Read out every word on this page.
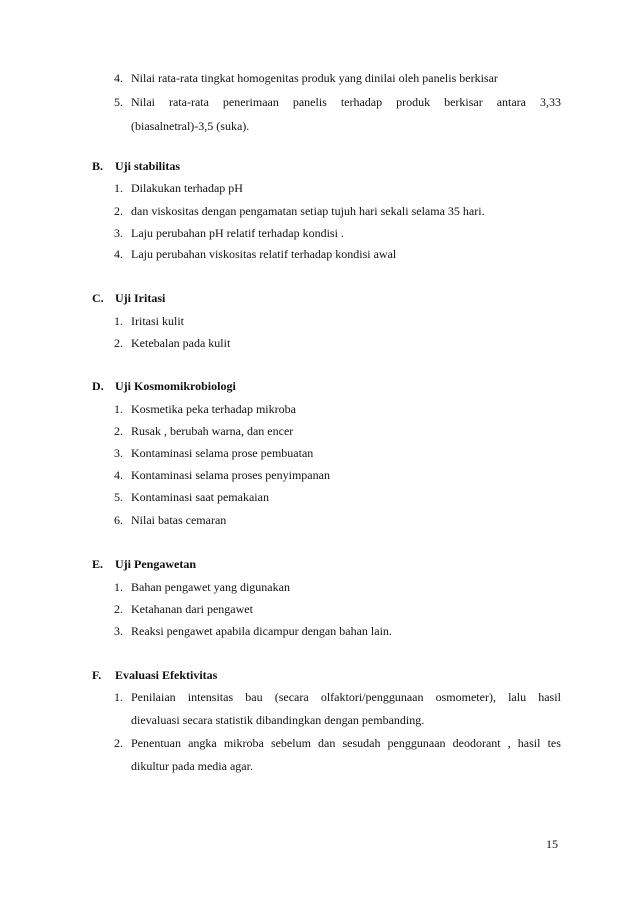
4. Nilai rata-rata tingkat homogenitas produk yang dinilai oleh panelis berkisar
5. Nilai rata-rata penerimaan panelis terhadap produk berkisar antara 3,33
(biasalnetral)-3,5 (suka).
B. Uji stabilitas
1. Dilakukan terhadap pH
2. dan viskositas dengan pengamatan setiap tujuh hari sekali selama 35 hari.
3. Laju perubahan pH relatif terhadap kondisi .
4. Laju perubahan viskositas relatif terhadap kondisi awal
C. Uji Iritasi
1. Iritasi kulit
2. Ketebalan pada kulit
D. Uji Kosmomikrobiologi
1. Kosmetika peka terhadap mikroba
2. Rusak , berubah warna, dan encer
3. Kontaminasi selama prose pembuatan
4. Kontaminasi selama proses penyimpanan
5. Kontaminasi saat pemakaian
6. Nilai batas cemaran
E. Uji Pengawetan
1. Bahan pengawet yang digunakan
2. Ketahanan dari pengawet
3. Reaksi pengawet apabila dicampur dengan bahan lain.
F. Evaluasi Efektivitas
1. Penilaian intensitas bau (secara olfaktori/penggunaan osmometer), lalu hasil
dievaluasi secara statistik dibandingkan dengan pembanding.
2. Penentuan angka mikroba sebelum dan sesudah penggunaan deodorant , hasil tes
dikultur pada media agar.
15
